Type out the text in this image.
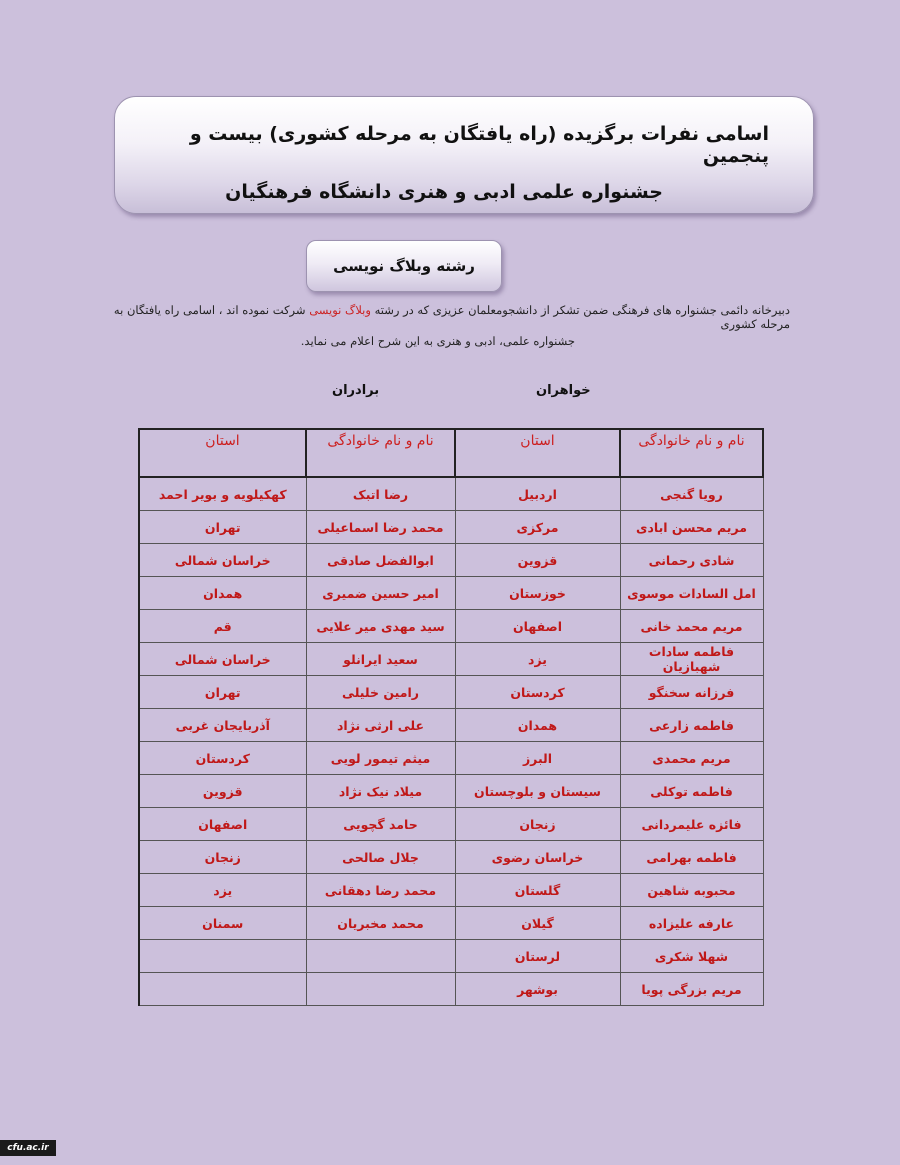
اسامی نفرات برگزیده (راه یافتگان به مرحله کشوری) بیست و پنجمین
جشنواره علمی ادبی و هنری دانشگاه فرهنگیان
رشته وبلاگ نویسی
دبیرخانه دائمی جشنواره های فرهنگی ضمن تشکر از دانشجومعلمان عزیزی که در رشته وبلاگ نویسی شرکت نموده اند ، اسامی راه یافتگان به مرحله کشوری
جشنواره علمی، ادبی و هنری به این شرح اعلام می نماید.
خواهران
برادران
نام و نام خانوادگی	استان	نام و نام خانوادگی	استان
رویا گنجی	اردبیل	رضا اتبک	کهکیلویه و بویر احمد
مریم محسن ابادی	مرکزی	محمد رضا اسماعیلی	تهران
شادی رحمانی	قزوین	ابوالفضل صادقی	خراسان شمالی
امل السادات موسوی	خوزستان	امیر حسین ضمیری	همدان
مریم محمد خانی	اصفهان	سید مهدی میر علایی	قم
فاطمه سادات شهبازیان	یزد	سعید ایرانلو	خراسان شمالی
فرزانه سخنگو	کردستان	رامین خلیلی	تهران
فاطمه زارعی	همدان	علی ارثی نژاد	آذربایجان غربی
مریم محمدی	البرز	میثم تیمور لویی	کردستان
فاطمه توکلی	سیستان و بلوچستان	میلاد نیک نژاد	قزوین
فائزه علیمردانی	زنجان	حامد گچویی	اصفهان
فاطمه بهرامی	خراسان رضوی	جلال صالحی	زنجان
محبوبه شاهین	گلستان	محمد رضا دهقانی	یزد
عارفه علیزاده	گیلان	محمد مخبریان	سمنان
شهلا شکری	لرستان		
مریم بزرگی پویا	بوشهر		
cfu.ac.ir
